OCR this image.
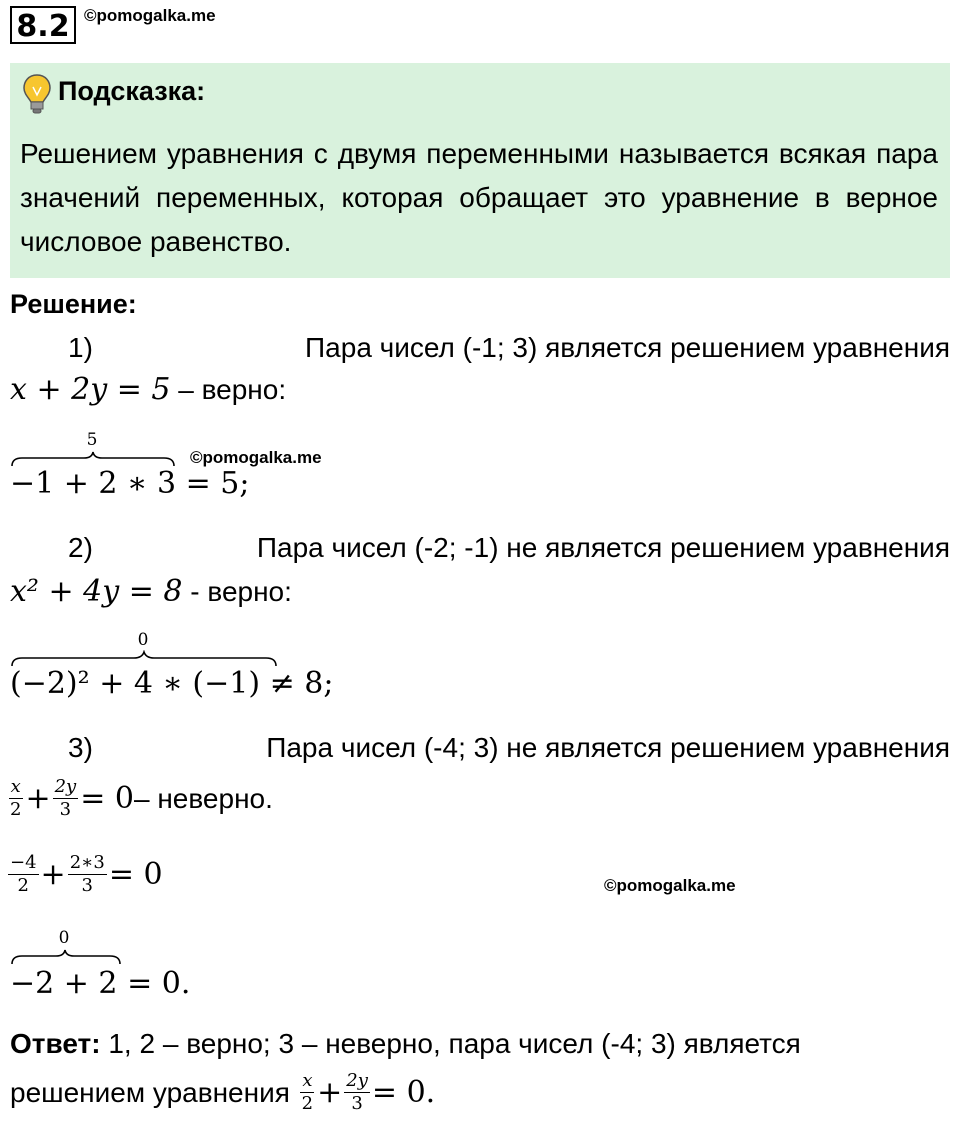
8.2 ©pomogalka.me
Подсказка:
Решением уравнения с двумя переменными называется всякая пара значений переменных, которая обращает это уравнение в верное числовое равенство.
Решение:
1)	Пара чисел (-1; 3) является решением уравнения
x + 2y = 5 – верно:
5
−1 + 2 ∗ 3 = 5;
©pomogalka.me
2)	Пара чисел (-2; -1) не является решением уравнения
x² + 4y = 8 - верно:
0
(−2)² + 4 ∗ (−1) ≠ 8;
3)	Пара чисел (-4; 3) не является решением уравнения
$\frac{x}{2} + \frac{2y}{3} = 0$ – неверно.
$\frac{-4}{2} + \frac{2∗3}{3} = 0$	©pomogalka.me
0
−2 + 2 = 0.
Ответ: 1, 2 – верно; 3 – неверно, пара чисел (-4; 3) является
решением уравнения $\frac{x}{2} + \frac{2y}{3} = 0$.
